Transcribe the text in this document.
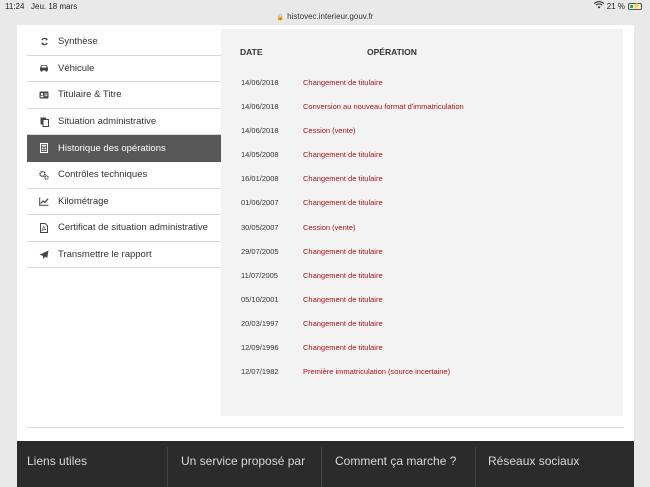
11:24 Jeu. 18 mars	21 % ⚡
🔒 histovec.interieur.gouv.fr
Synthèse
Véhicule
Titulaire & Titre
Situation administrative
Historique des opérations
Contrôles techniques
Kilométrage
Certificat de situation administrative
Transmettre le rapport
DATE	OPÉRATION
14/06/2018	Changement de titulaire
14/06/2018	Conversion au nouveau format d'immatriculation
14/06/2018	Cession (vente)
14/05/2008	Changement de titulaire
16/01/2008	Changement de titulaire
01/06/2007	Changement de titulaire
30/05/2007	Cession (vente)
29/07/2005	Changement de titulaire
11/07/2005	Changement de titulaire
05/10/2001	Changement de titulaire
20/03/1997	Changement de titulaire
12/09/1996	Changement de titulaire
12/07/1982	Première immatriculation (source incertaine)
Liens utiles	Un service proposé par Comment ça marche ?	Réseaux sociaux
